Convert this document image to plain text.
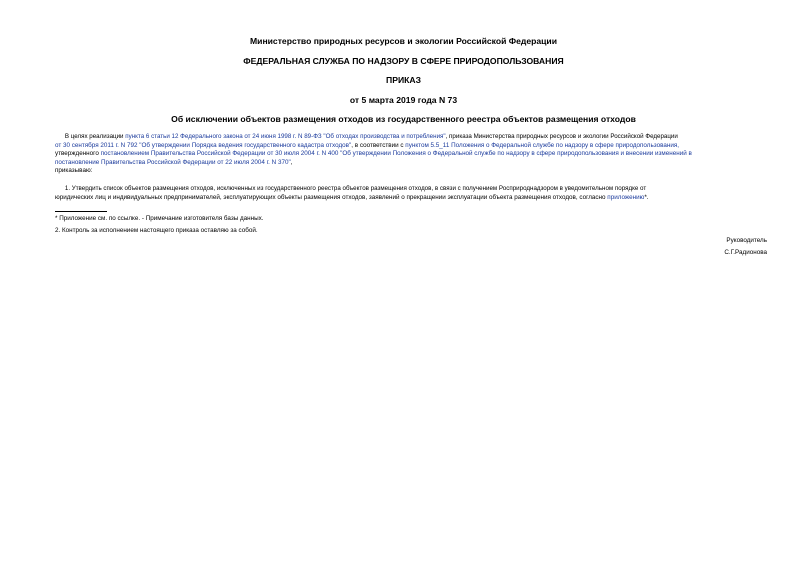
Министерство природных ресурсов и экологии Российской Федерации
ФЕДЕРАЛЬНАЯ СЛУЖБА ПО НАДЗОРУ В СФЕРЕ ПРИРОДОПОЛЬЗОВАНИЯ
ПРИКАЗ
от 5 марта 2019 года N 73
Об исключении объектов размещения отходов из государственного реестра объектов размещения отходов
В целях реализации пункта 6 статьи 12 Федерального закона от 24 июня 1998 г. N 89-ФЗ "Об отходах производства и потребления", приказа Министерства природных ресурсов и экологии Российской Федерации
от 30 сентября 2011 г. N 792 "Об утверждении Порядка ведения государственного кадастра отходов", в соответствии с пунктом 5.5_11 Положения о Федеральной службе по надзору в сфере природопользования,
утвержденного постановлением Правительства Российской Федерации от 30 июля 2004 г. N 400 "Об утверждении Положения о Федеральной службе по надзору в сфере природопользования и внесении изменений в
постановление Правительства Российской Федерации от 22 июля 2004 г. N 370",
приказываю:
1. Утвердить список объектов размещения отходов, исключенных из государственного реестра объектов размещения отходов, в связи с получением Росприроднадзором в уведомительном порядке от
юридических лиц и индивидуальных предпринимателей, эксплуатирующих объекты размещения отходов, заявлений о прекращении эксплуатации объекта размещения отходов, согласно приложению*.
* Приложение см. по ссылке. - Примечание изготовителя базы данных.
2. Контроль за исполнением настоящего приказа оставляю за собой.
Руководитель
С.Г.Радионова
